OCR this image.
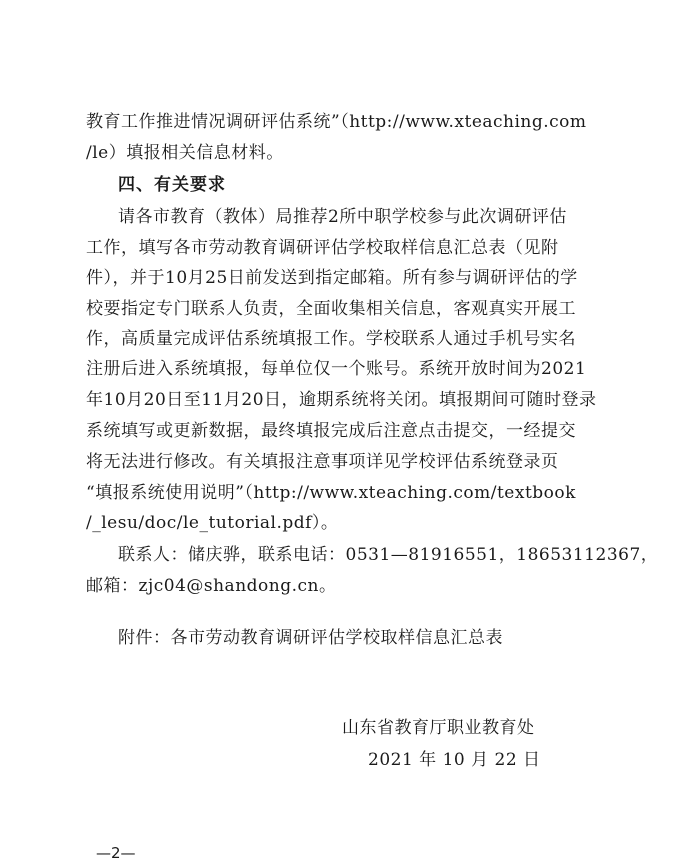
教育工作推进情况调研评估系统”（http://www.xteaching.com
/le）填报相关信息材料。
四、有关要求
请各市教育（教体）局推荐2所中职学校参与此次调研评估
工作，填写各市劳动教育调研评估学校取样信息汇总表（见附
件），并于10月25日前发送到指定邮箱。所有参与调研评估的学
校要指定专门联系人负责，全面收集相关信息，客观真实开展工
作，高质量完成评估系统填报工作。学校联系人通过手机号实名
注册后进入系统填报，每单位仅一个账号。系统开放时间为2021
年10月20日至11月20日，逾期系统将关闭。填报期间可随时登录
系统填写或更新数据，最终填报完成后注意点击提交，一经提交
将无法进行修改。有关填报注意事项详见学校评估系统登录页
“填报系统使用说明”（http://www.xteaching.com/textbook
/_lesu/doc/le_tutorial.pdf）。
联系人：储庆骅，联系电话：0531—81916551，18653112367，
邮箱：zjc04@shandong.cn。
附件：各市劳动教育调研评估学校取样信息汇总表
山东省教育厅职业教育处
2021 年 10 月 22 日
—2—
